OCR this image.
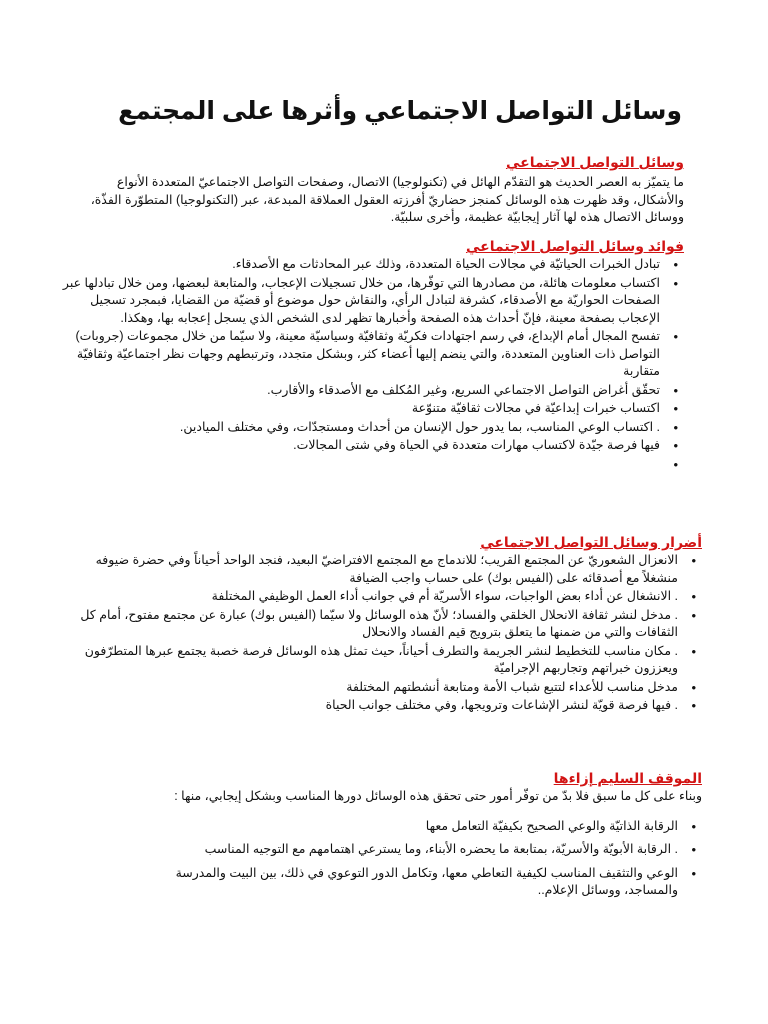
وسائل التواصل الاجتماعي وأثرها على المجتمع
وسائل التواصل الاجتماعي

ما يتميّز به العصر الحديث هو التقدّم الهائل في (تكنولوجيا) الاتصال، وصفحات التواصل الاجتماعيّ المتعددة الأنواع والأشكال، وقد ظهرت هذه الوسائل كمنجز حضاريّ أفرزته العقول العملاقة المبدعة، عبر (التكنولوجيا) المتطوّرة الفذّة، ووسائل الاتصال هذه لها آثار إيجابيّة عظيمة، وأخرى سلبيّة.

فوائد وسائل التواصل الاجتماعي
• تبادل الخبرات الحياتيّة في مجالات الحياة المتعددة، وذلك عبر المحادثات مع الأصدقاء.
• اكتساب معلومات هائلة، من مصادرها التي توفّرها، من خلال تسجيلات الإعجاب، والمتابعة لبعضها، ومن خلال تبادلها عبر الصفحات الحواريّة مع الأصدقاء، كشرفة لتبادل الرأي، والنقاش حول موضوع أو قضيّة من القضايا، فبمجرد تسجيل الإعجاب بصفحة معينة، فإنّ أحداث هذه الصفحة وأخبارها تظهر لدى الشخص الذي يسجل إعجابه بها، وهكذا.
• تفسح المجال أمام الإبداع، في رسم اجتهادات فكريّة وثقافيّة وسياسيّة معينة، ولا سيّما من خلال مجموعات (جروبات) التواصل ذات العناوين المتعددة، والتي ينضم إليها أعضاء كثر، وبشكل متجدد، وترتبطهم وجهات نظر اجتماعيّة وثقافيّة متقاربة
• تحقّق أغراض التواصل الاجتماعي السريع، وغير المُكلف مع الأصدقاء والأقارب.
• اكتساب خبرات إبداعيّة في مجالات ثقافيّة متنوّعة
• . اكتساب الوعي المناسب، بما يدور حول الإنسان من أحداث ومستجدّات، وفي مختلف الميادين.
• فيها فرصة جيّدة لاكتساب مهارات متعددة في الحياة وفي شتى المجالات.
•
أضرار وسائل التواصل الاجتماعي
• الانعزال الشعوريّ عن المجتمع القريب؛ للاندماج مع المجتمع الافتراضيّ البعيد، فنجد الواحد أحياناً وفي حضرة ضيوفه منشغلاً مع أصدقائه على (الفيس بوك) على حساب واجب الضيافة
• . الانشغال عن أداء بعض الواجبات، سواء الأسريّة أم في جوانب أداء العمل الوظيفي المختلفة
• . مدخل لنشر ثقافة الانحلال الخلقي والفساد؛ لأنّ هذه الوسائل ولا سيّما (الفيس بوك) عبارة عن مجتمع مفتوح، أمام كل الثقافات والتي من ضمنها ما يتعلق بترويج قيم الفساد والانحلال
• . مكان مناسب للتخطيط لنشر الجريمة والتطرف أحياناً، حيث تمثل هذه الوسائل فرصة خصبة يجتمع عبرها المتطرّفون ويعززون خبراتهم وتجاربهم الإجراميّة
• مدخل مناسب للأعداء لتتبع شباب الأمة ومتابعة أنشطتهم المختلفة
• . فيها فرصة قويّة لنشر الإشاعات وترويجها، وفي مختلف جوانب الحياة
الموقف السليم إزاءها

وبناء على كل ما سبق فلا بدّ من توفّر أمور حتى تحقق هذه الوسائل دورها المناسب وبشكل إيجابي، منها :

• الرقابة الذاتيّة والوعي الصحيح بكيفيّة التعامل معها
• . الرقابة الأبويّة والأسريّة، بمتابعة ما يحضره الأبناء، وما يسترعي اهتمامهم مع التوجيه المناسب
• الوعي والتثقيف المناسب لكيفية التعاطي معها، وتكامل الدور التوعوي في ذلك، بين البيت والمدرسة والمساجد، ووسائل الإعلام..
